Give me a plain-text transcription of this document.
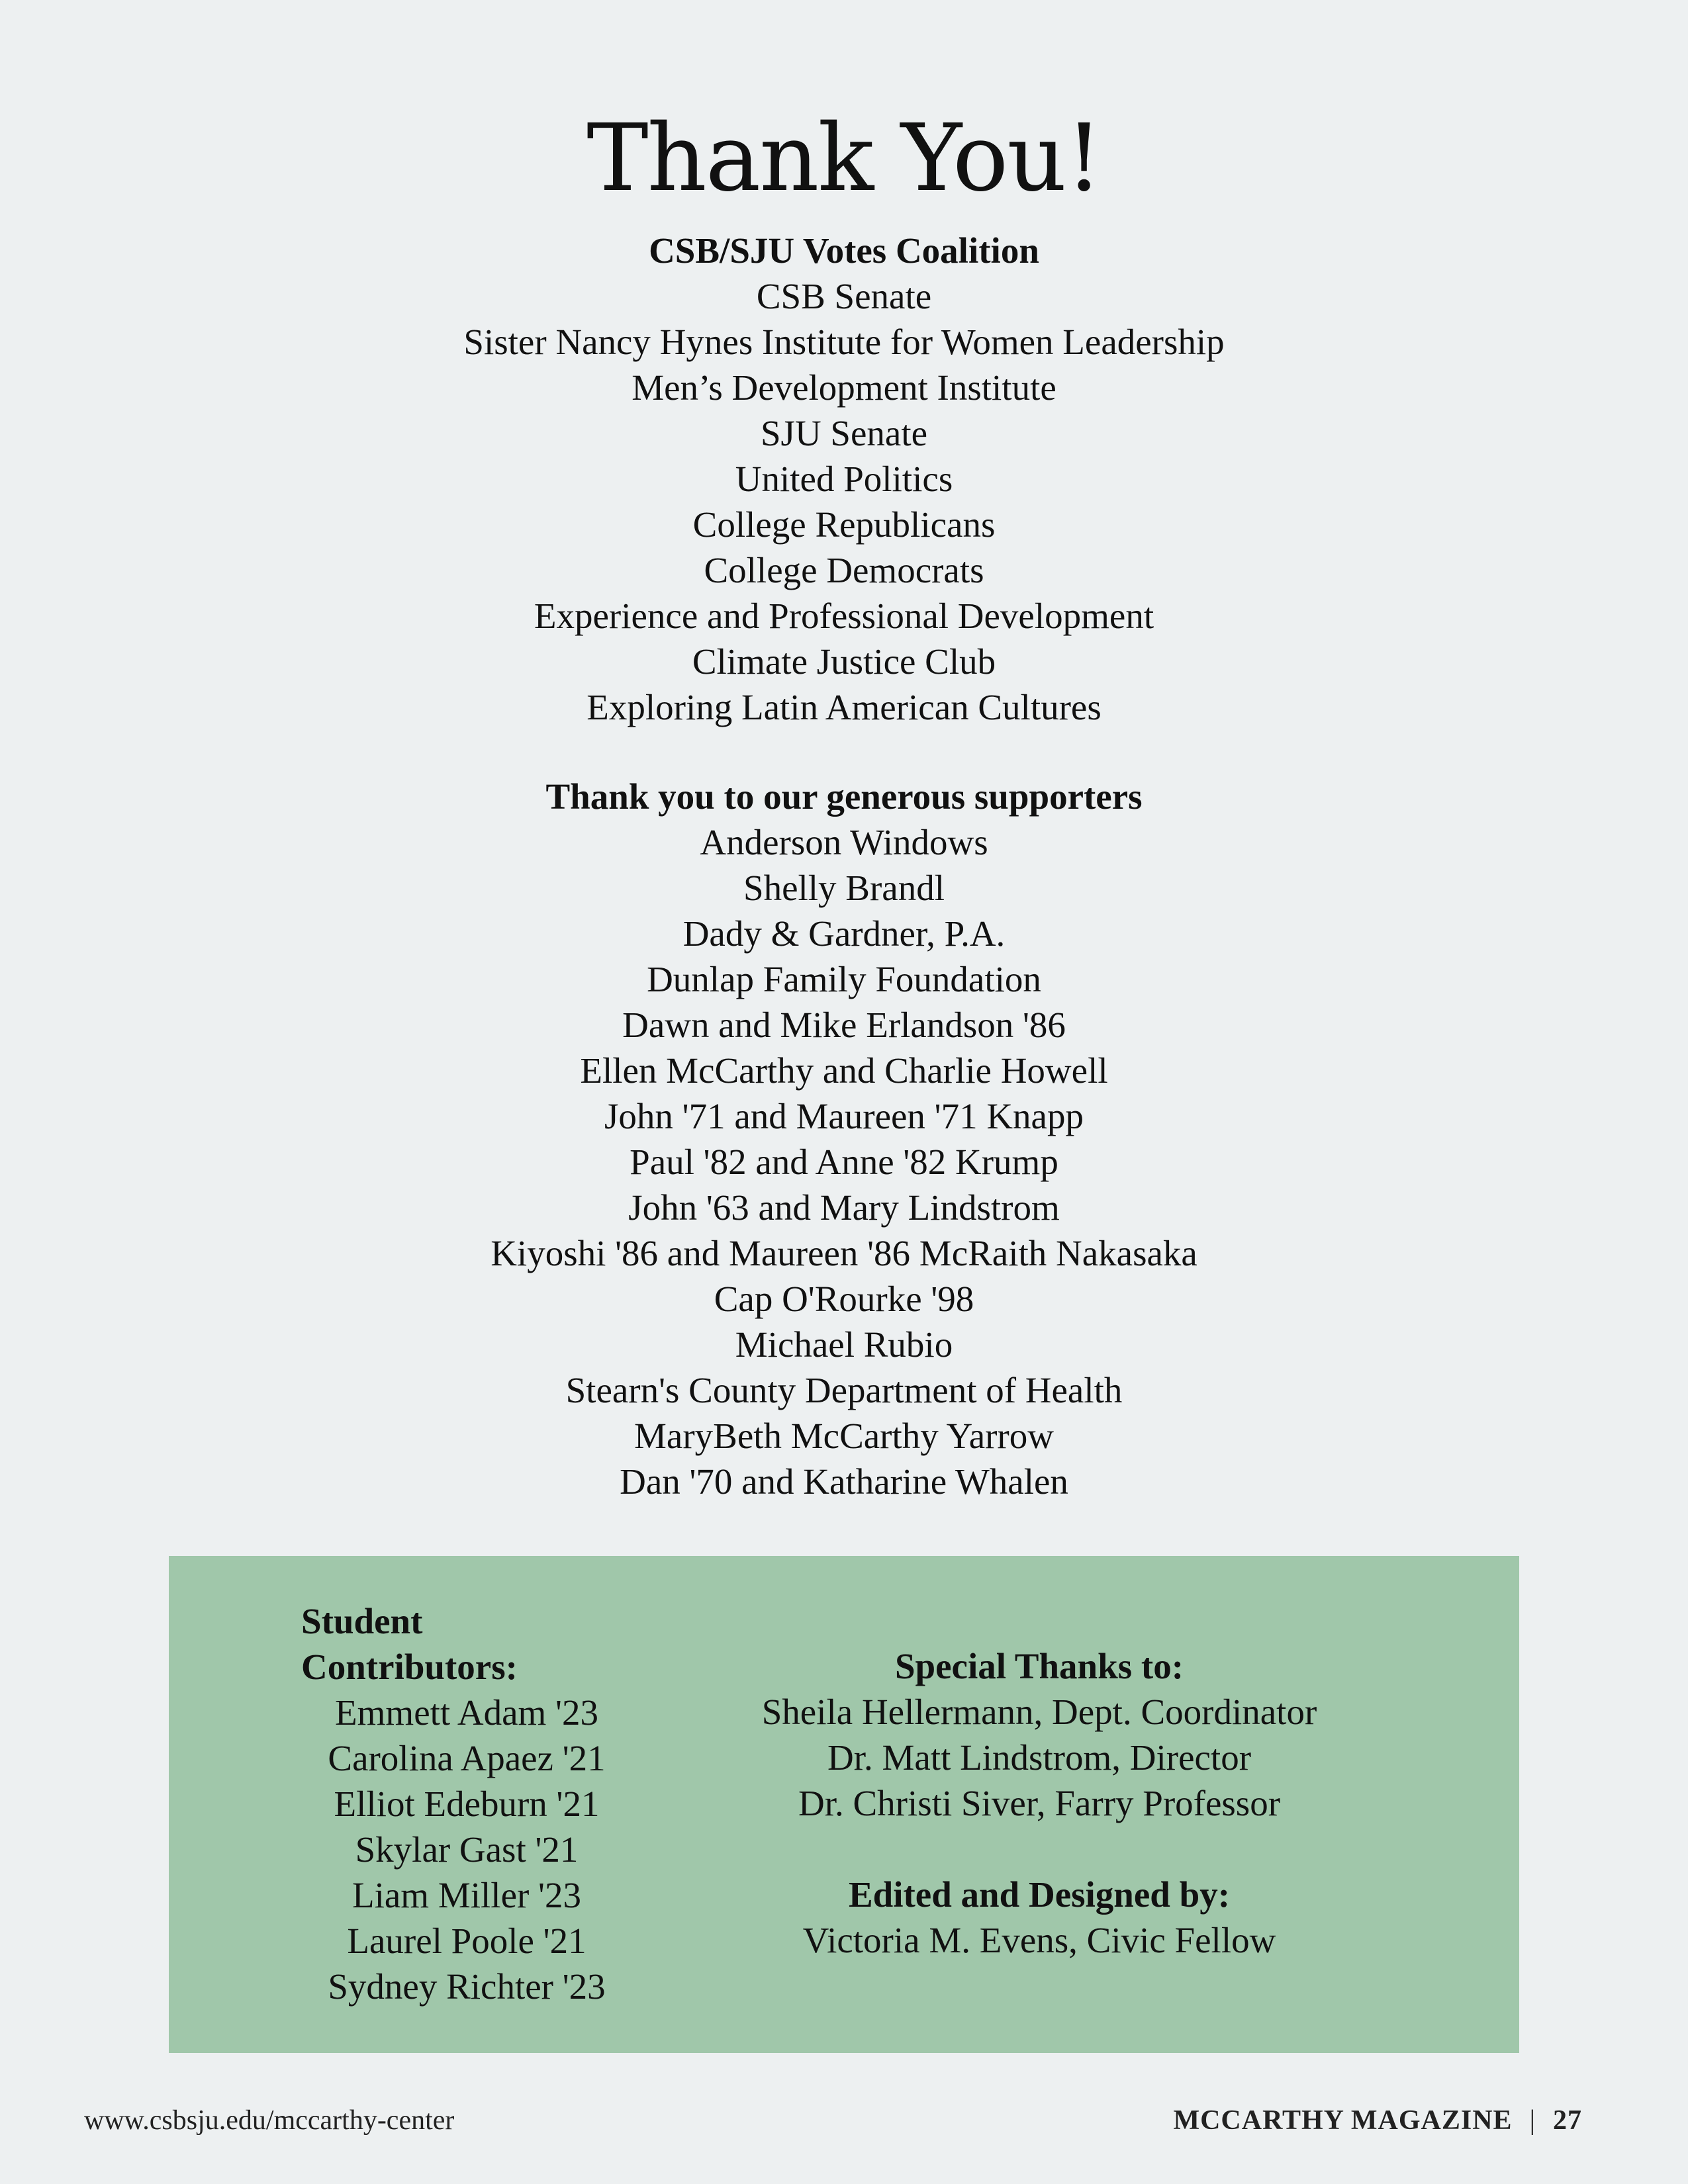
Thank You!
CSB/SJU Votes Coalition
CSB Senate
Sister Nancy Hynes Institute for Women Leadership
Men’s Development Institute
SJU Senate
United Politics
College Republicans
College Democrats
Experience and Professional Development
Climate Justice Club
Exploring Latin American Cultures
Thank you to our generous supporters
Anderson Windows
Shelly Brandl
Dady & Gardner, P.A.
Dunlap Family Foundation
Dawn and Mike Erlandson '86
Ellen McCarthy and Charlie Howell
John '71 and Maureen '71 Knapp
Paul '82 and Anne '82 Krump
John '63 and Mary Lindstrom
Kiyoshi '86 and Maureen '86 McRaith Nakasaka
Cap O'Rourke '98
Michael Rubio
Stearn's County Department of Health
MaryBeth McCarthy Yarrow
Dan '70 and Katharine Whalen
Student Contributors:
Emmett Adam '23
Carolina Apaez '21
Elliot Edeburn '21
Skylar Gast '21
Liam Miller '23
Laurel Poole '21
Sydney Richter '23
Special Thanks to:
Sheila Hellermann, Dept. Coordinator
Dr. Matt Lindstrom, Director
Dr. Christi Siver, Farry Professor
Edited and Designed by:
Victoria M. Evens, Civic Fellow
www.csbsju.edu/mccarthy-center	MCCARTHY MAGAZINE | 27
